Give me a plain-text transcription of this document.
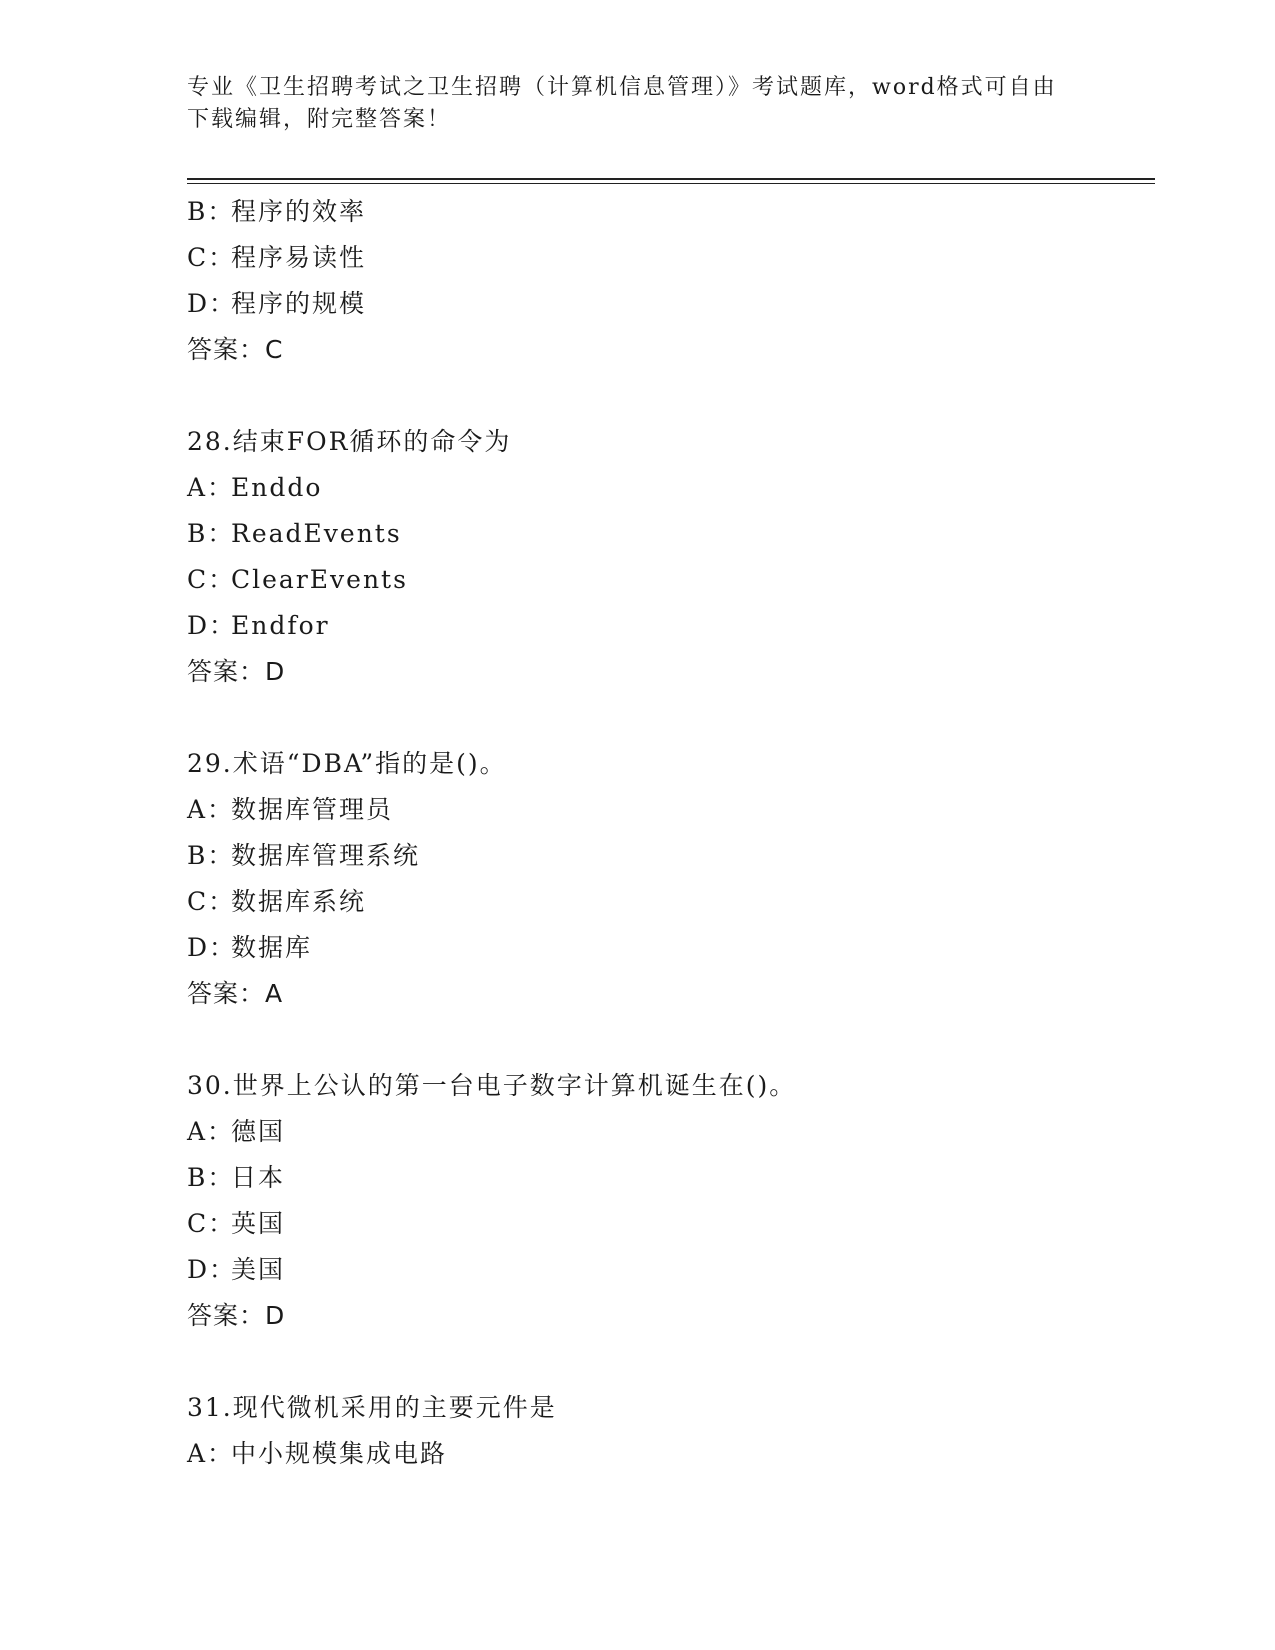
专业《卫生招聘考试之卫生招聘（计算机信息管理）》考试题库，word格式可自由下载编辑，附完整答案！
B：程序的效率
C：程序易读性
D：程序的规模
答案：C
28.结束FOR循环的命令为
A：Enddo
B：ReadEvents
C：ClearEvents
D：Endfor
答案：D
29.术语“DBA”指的是()。
A：数据库管理员
B：数据库管理系统
C：数据库系统
D：数据库
答案：A
30.世界上公认的第一台电子数字计算机诞生在()。
A：德国
B：日本
C：英国
D：美国
答案：D
31.现代微机采用的主要元件是
A：中小规模集成电路
